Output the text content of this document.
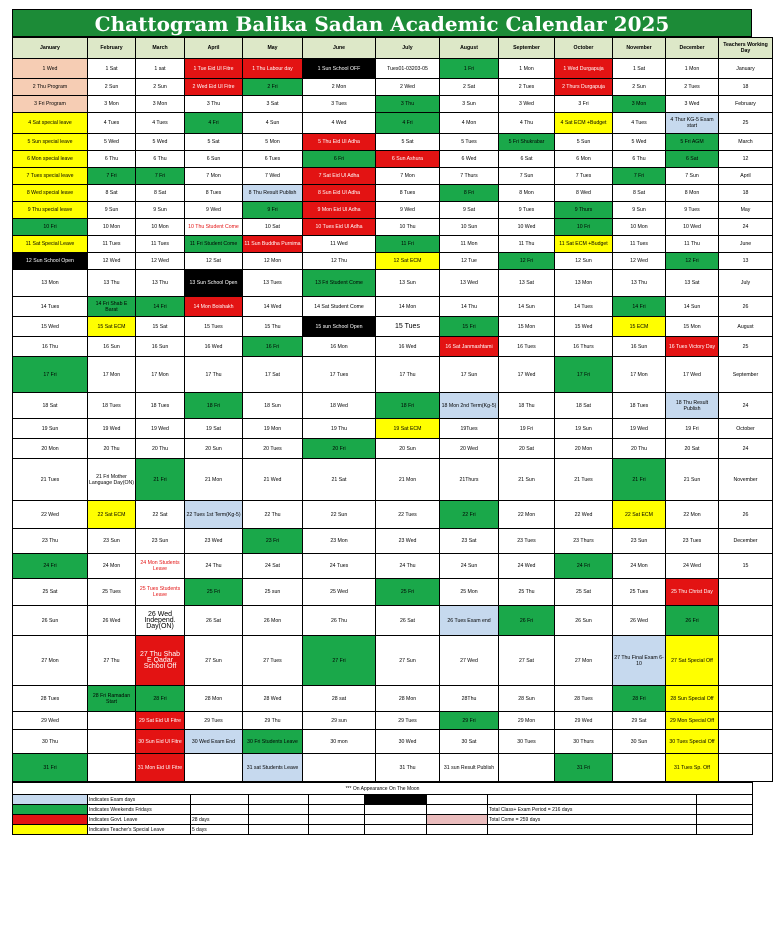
Chattogram Balika Sadan Academic Calendar 2025
January	February	March	April	May	June	July	August	September	October	November	December	Teachers Working Day
1 Wed	1 Sat	1 sat	1 Tue Eid Ul Fitre	1 Thu Labour day	1 Sun School OFF	Tues01-03203-05	1 Fri	1 Mon	1 Wed Durgapuja	1 Sat	1 Mon	January
2 Thu Program	2 Sun	2 Sun	2 Wed Eid Ul Fitre	2 Fri	2 Mon	2 Wed	2 Sat	2 Tues	2 Thurs Durgapuja	2 Sun	2 Tues	18
3 Fri Program	3 Mon	3 Mon	3 Thu	3 Sat	3 Tues	3 Thu	3 Sun	3 Wed	3 Fri	3 Mon	3 Wed	February
4 Sat special leave	4 Tues	4 Tues	4 Fri	4 Sun	4 Wed	4 Fri	4 Mon	4 Thu	4 Sat ECM +Budget	4 Tues	4 Thur KG-5 Exam start	25
5 Sun special leave	5 Wed	5 Wed	5 Sat	5 Mon	5 Thu Eid Ul Adha	5 Sat	5 Tues	5 Fri Shukrabar	5 Sun	5 Wed	5 Fri AGM	March
6 Mon special leave	6 Thu	6 Thu	6 Sun	6 Tues	6 Fri	6 Sun Ashura	6 Wed	6 Sat	6 Mon	6 Thu	6 Sat	12
7 Tues special leave	7 Fri	7 Fri	7 Mon	7 Wed	7 Sat Eid Ul Adha	7 Mon	7 Thurs	7 Sun	7 Tues	7 Fri	7 Sun	April
8 Wed special leave	8 Sat	8 Sat	8 Tues	8 Thu Result Publish	8 Sun Eid Ul Adha	8 Tues	8 Fri	8 Mon	8 Wed	8 Sat	8 Mon	18
9 Thu special leave	9 Sun	9 Sun	9 Wed	9 Fri	9 Mon Eid Ul Adha	9 Wed	9 Sat	9 Tues	9 Thurs	9 Sun	9 Tues	May
10 Fri	10 Mon	10 Mon	10 Thu Student Come	10 Sat	10 Tues Eid Ul Adha	10 Thu	10 Sun	10 Wed	10 Fri	10 Mon	10 Wed	24
11 Sat Special Leave	11 Tues	11 Tues	11 Fri Student Come	11 Sun Buddha Purnima	11 Wed	11 Fri	11 Mon	11 Thu	11 Sat ECM +Budget	11 Tues	11 Thu	June
12 Sun School Open	12 Wed	12 Wed	12 Sat	12 Mon	12 Thu	12 Sat ECM	12 Tue	12 Fri	12 Sun	12 Wed	12 Fri	13
13 Mon	13 Thu	13 Thu	13 Sun School Open	13 Tues	13 Fri Student Come	13 Sun	13 Wed	13 Sat	13 Mon	13 Thu	13 Sat	July
14 Tues	14 Fri Shab E Barat	14 Fri	14 Mon Boishakh	14 Wed	14 Sat Student Come	14 Mon	14 Thu	14 Sun	14 Tues	14 Fri	14 Sun	26
15 Wed	15 Sat ECM	15 Sat	15 Tues	15 Thu	15 sun School Open	15 Tues	15 Fri	15 Mon	15 Wed	15 ECM	15 Mon	August
16 Thu	16 Sun	16 Sun	16 Wed	16 Fri	16 Mon	16 Wed	16 Sat Janmashtami	16 Tues	16 Thurs	16 Sun	16 Tues Victory Day	25
17 Fri	17 Mon	17 Mon	17 Thu	17 Sat	17 Tues	17 Thu	17 Sun	17 Wed	17 Fri	17 Mon	17 Wed	September
18 Sat	18 Tues	18 Tues	18 Fri	18 Sun	18 Wed	18 Fri	18 Mon 2nd Term(Kg-5)	18 Thu	18 Sat	18 Tues	18 Thu Result Publish	24
19 Sun	19 Wed	19 Wed	19 Sat	19 Mon	19 Thu	19 Sat ECM	19Tues	19 Fri	19 Sun	19 Wed	19 Fri	October
20 Mon	20 Thu	20 Thu	20 Sun	20 Tues	20 Fri	20 Sun	20 Wed	20 Sat	20 Mon	20 Thu	20 Sat	24
21 Tues	21 Fri Mother Language Day(ON)	21 Fri	21 Mon	21 Wed	21 Sat	21 Mon	21Thurs	21 Sun	21 Tues	21 Fri	21 Sun	November
22 Wed	22 Sat ECM	22 Sat	22 Tues 1st Term(Kg-5)	22 Thu	22 Sun	22 Tues	22 Fri	22 Mon	22 Wed	22 Sat ECM	22 Mon	26
23 Thu	23 Sun	23 Sun	23 Wed	23 Fri	23 Mon	23 Wed	23 Sat	23 Tues	23 Thurs	23 Sun	23 Tues	December
24 Fri	24 Mon	24 Mon Students Leave	24 Thu	24 Sat	24 Tues	24 Thu	24 Sun	24 Wed	24 Fri	24 Mon	24 Wed	15
25 Sat	25 Tues	25 Tues Students Leave	25 Fri	25 sun	25 Wed	25 Fri	25 Mon	25 Thu	25 Sat	25 Tues	25 Thu Christ Day	
26 Sun	26 Wed	26 Wed Independ. Day(ON)	26 Sat	26 Mon	26 Thu	26 Sat	26 Tues Exam end	26 Fri	26 Sun	26 Wed	26 Fri	
27 Mon	27 Thu	27 Thu Shab E Qadar School Off	27 Sun	27 Tues	27 Fri	27 Sun	27 Wed	27 Sat	27 Mon	27 Thu Final Exam 6-10	27 Sat Special Off	
28 Tues	28 Fri Ramadan Start	28 Fri	28 Mon	28 Wed	28 sat	28 Mon	28Thu	28 Sun	28 Tues	28 Fri	28 Sun Special Off	
29 Wed		29 Sat Eid Ul Fitre	29 Tues	29 Thu	29 sun	29 Tues	29 Fri	29 Mon	29 Wed	29 Sat	29 Mon Special Off	
30 Thu		30 Sun Eid Ul Fitre	30 Wed Exam End	30 Fri Students Leave	30 mon	30 Wed	30 Sat	30 Tues	30 Thurs	30 Sun	30 Tues Special Off	
31 Fri		31 Mon Eid Ul Fitre		31 sat Students Leave		31 Thu	31 sun Result Publish		31 Fri		31 Tues Sp. Off	
*** On Appearance On The Moon								
	Indicates Exam days							
	Indicates Weekends Fridays						Total Class+ Exam Period = 216 days	
	Indicates Govt. Leave	28 days					Total Come = 259 days	
	Indicates Teacher's Special Leave	5 days						
